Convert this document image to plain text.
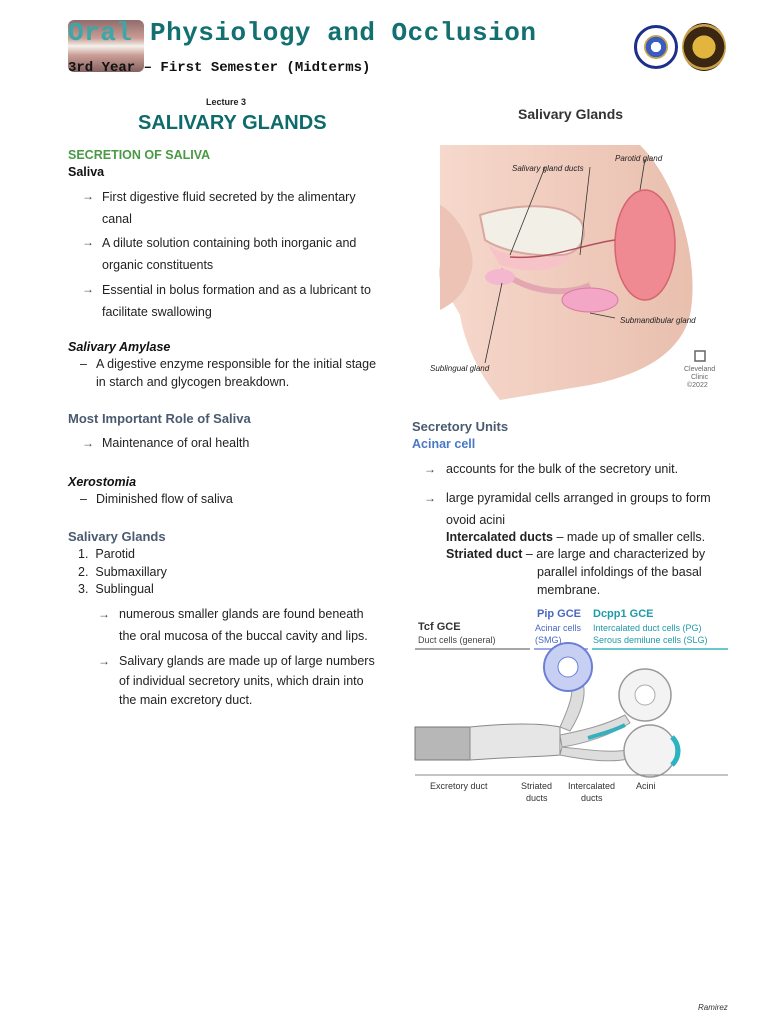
Oral Physiology and Occlusion
3rd Year – First Semester (Midterms)
Lecture 3
SALIVARY GLANDS
SECRETION OF SALIVA
Saliva
→ First digestive fluid secreted by the alimentary
canal
→ A dilute solution containing both inorganic and
organic constituents
→ Essential in bolus formation and as a lubricant to
facilitate swallowing
Salivary Amylase
– A digestive enzyme responsible for the initial stage
in starch and glycogen breakdown.
Most Important Role of Saliva
→ Maintenance of oral health
Xerostomia
– Diminished flow of saliva
Salivary Glands
1.  Parotid
2.  Submaxillary
3.  Sublingual
→ numerous smaller glands are found beneath
the oral mucosa of the buccal cavity and lips.
→ Salivary glands are made up of large numbers
of individual secretory units, which drain into
the main excretory duct.
Salivary Glands
Salivary gland ducts
Parotid gland
Submandibular gland
Sublingual gland	Cleveland
Clinic
©2022
Secretory Units
Acinar cell
→ accounts for the bulk of the secretory unit.
→ large pyramidal cells arranged in groups to form
ovoid acini
Intercalated ducts – made up of smaller cells.
Striated duct – are large and characterized by
parallel infoldings of the basal
membrane.
Tcf GCE
Duct cells (general)
Pip GCE
Acinar cells
(SMG)
Dcpp1 GCE
Intercalated duct cells (PG)
Serous demilune cells (SLG)
Excretory duct	Striated
ducts
Intercalated
ducts
Acini
Ramirez
